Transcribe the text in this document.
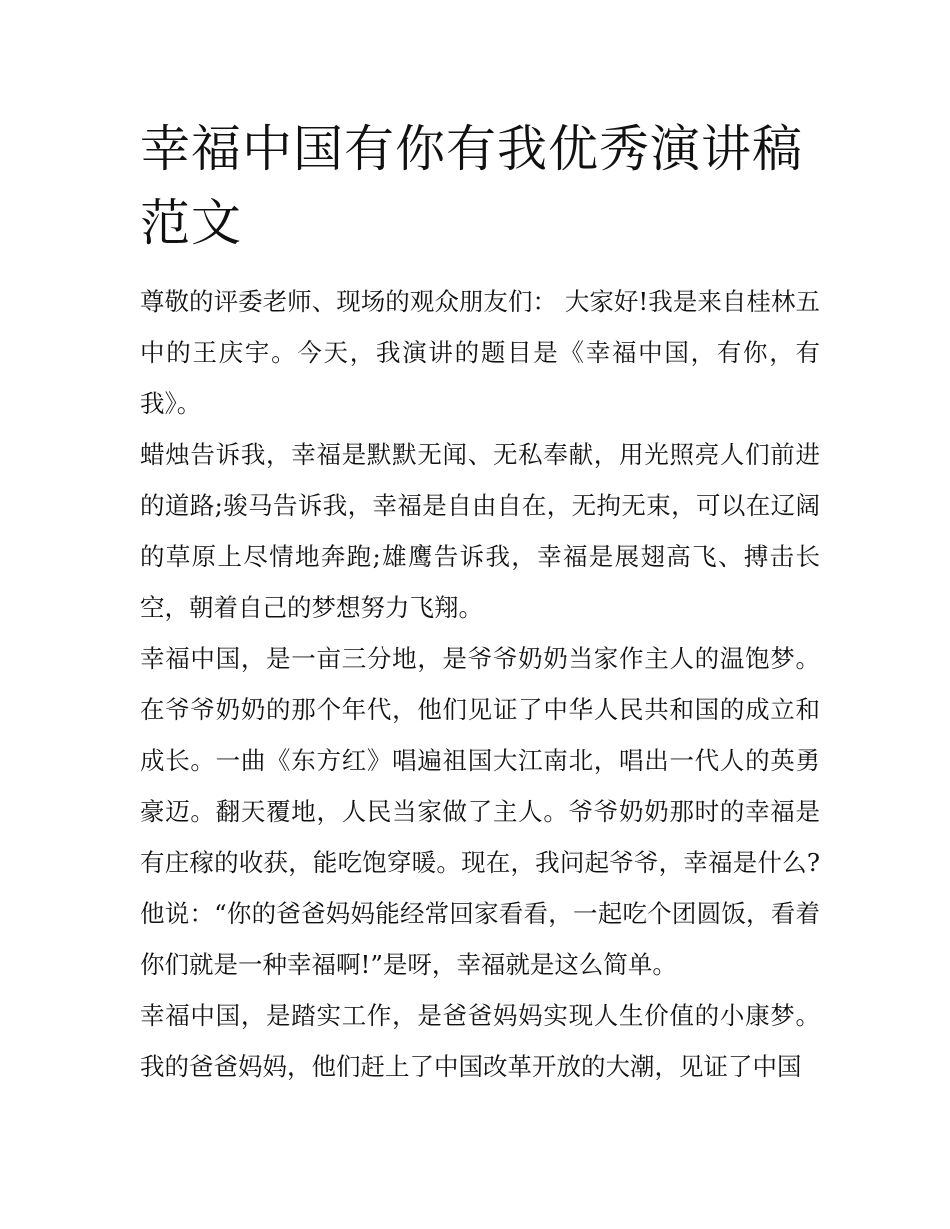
幸福中国有你有我优秀演讲稿范文

尊敬的评委老师、现场的观众朋友们： 大家好!我是来自桂林五中的王庆宇。今天，我演讲的题目是《幸福中国，有你，有我》。

蜡烛告诉我，幸福是默默无闻、无私奉献，用光照亮人们前进的道路;骏马告诉我，幸福是自由自在，无拘无束，可以在辽阔的草原上尽情地奔跑;雄鹰告诉我，幸福是展翅高飞、搏击长空，朝着自己的梦想努力飞翔。

幸福中国，是一亩三分地，是爷爷奶奶当家作主人的温饱梦。在爷爷奶奶的那个年代，他们见证了中华人民共和国的成立和成长。一曲《东方红》唱遍祖国大江南北，唱出一代人的英勇豪迈。翻天覆地，人民当家做了主人。爷爷奶奶那时的幸福是有庄稼的收获，能吃饱穿暖。现在，我问起爷爷，幸福是什么?他说：“你的爸爸妈妈能经常回家看看，一起吃个团圆饭，看着你们就是一种幸福啊!”是呀，幸福就是这么简单。

幸福中国，是踏实工作，是爸爸妈妈实现人生价值的小康梦。我的爸爸妈妈，他们赶上了中国改革开放的大潮，见证了中国
